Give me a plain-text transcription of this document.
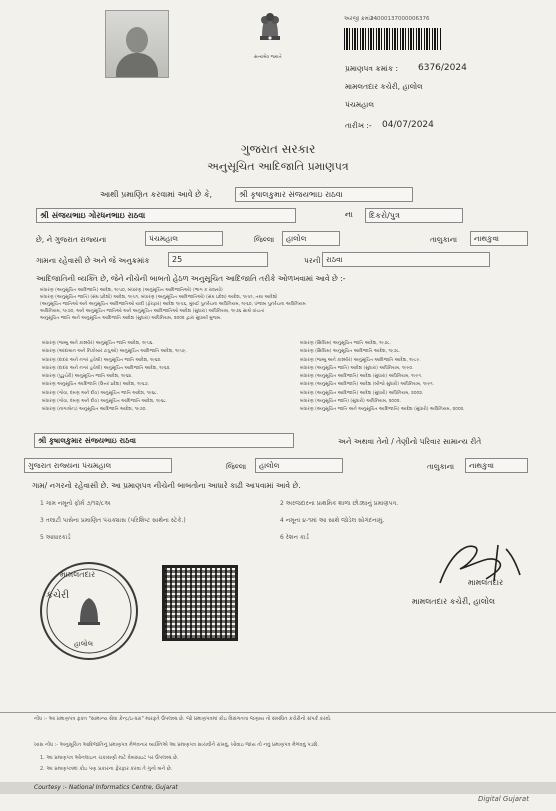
સત્યમેવ જયતે
અરજી ક્રમાંક :
24000137000006376
પ્રમાણપત્ર ક્રમાંક : 6376/2024
મામલતદાર કચેરી, હાલોલ
પંચમહાલ
તારીખ :- 04/07/2024
ગુજરાત સરકાર
અનુસૂચિત આદિજાતિ પ્રમાણપત્ર
આથી પ્રમાણિત કરવામાં આવે છે કે,	શ્રી કૃષાલકુમાર સંજયભાઇ રાઠવા
શ્રી સંજયભાઇ ગોરધનભાઇ રાઠવા	ના	દિકરો/પુત્ર
છે, ને ગુજરાત રાજ્યના	પંચમહાલ	જિલ્લા	હાલોલ	તાલુકાના	નાથકુવા
ગામના રહેવાસી છે અને જે અનુક્રમાંક	25	પરની રાઠવા
આદિજાતિની વ્યક્તિ છે, જેને નીચેની બાબતો હેઠળ અનુસૂચિત આદિજાતિ તરીકે ઓળખવામાં આવે છે :-
બંધારણ (અનુસૂચિત આદિજાતિ) આદેશ, ૧૯૫૦, બંધારણ (અનુસૂચિત આદિજાતિઓ) (ભાગ ક રાજ્યો)
બંધારણ (અનુસૂચિત જાતિ) (સંઘ પ્રદેશો) આદેશ, ૧૯૫૧, બંધારણ (અનુસૂચિત આદિજાતિઓ) (સંઘ પ્રદેશ) આદેશ, ૧૯૫૧, તથા આદેશો
(અનુસૂચિત જાતિઓ અને અનુસૂચિત આદિજાતિઓ યાદી (ફેરફાર) આદેશ ૧૯૫૬, મુંબઈ પુનર્રચના અધિનિયમ, ૧૯૬૦, પંજાબ પુનર્રચના અધિનિયમ
અધિનિયમ, ૧૯૭૦, અને અનુસૂચિત જાતિઓ અને અનુસૂચિત આદિજાતિઓ આદેશ (સુધારા) અધિનિયમ, ૧૯૭૬ સાથે વાંચતાં
અનુસૂચિત જાતિ અને અનુસૂચિત આદિજાતિ આદેશ (સુધારા) અધિનિયમ, ૨૦૦૨ દ્વારા સુધાર્યા મુજબ.
બંધારણ (જમ્મુ અને કાશ્મીર) અનુસૂચિત જાતિ આદેશ, ૧૯૫૬.
બંધારણ (આંદામાન અને નિકોબાર ટાપુઓ) અનુસૂચિત આદિજાતિ આદેશ, ૧૯૫૯.
બંધારણ (દાદરા અને નગર હવેલી) અનુસૂચિત જાતિ આદેશ, ૧૯૬૨.
બંધારણ (દાદરા અને નગર હવેલી) અનુસૂચિત આદિજાતિ આદેશ, ૧૯૬૨.
બંધારણ (પુડુચેરી) અનુસૂચિત જાતિ આદેશ, ૧૯૬૪.
બંધારણ અનુસૂચિત આદિજાતિ (ઉત્તર પ્રદેશ) આદેશ, ૧૯૬૭.
બંધારણ (ગોવા, દમણ અને દીવ) અનુસૂચિત જાતિ આદેશ, ૧૯૬૮.
બંધારણ (ગોવા, દમણ અને દીવ) અનુસૂચિત આદિજાતિ આદેશ, ૧૯૬૮.
બંધારણ (નાગાલેન્ડ) અનુસૂચિત આદિજાતિ આદેશ, ૧૯૭૦.
બંધારણ (સિક્કિમ) અનુસૂચિત જાતિ આદેશ, ૧૯૭૮.
બંધારણ (સિક્કિમ) અનુસૂચિત આદિજાતિ આદેશ, ૧૯૭૮.
બંધારણ (જમ્મુ અને કાશ્મીર) અનુસૂચિત આદિજાતિ આદેશ, ૧૯૮૯.
બંધારણ (અનુસૂચિત જાતિ) આદેશ (સુધારા) અધિનિયમ, ૧૯૯૦.
બંધારણ (અનુસૂચિત આદિજાતિ) આદેશ (સુધારા) અધિનિયમ, ૧૯૯૧.
બંધારણ (અનુસૂચિત આદિજાતિ) આદેશ (બીજો સુધારો) અધિનિયમ, ૧૯૯૧.
બંધારણ (અનુસૂચિત આદિજાતિ) આદેશ (સુધારો) અધિનિયમ, ૨૦૦૨.
બંધારણ (અનુસૂચિત જાતિ) (સુધારો) અધિનિયમ, ૨૦૦૨.
બંધારણ (અનુસૂચિત જાતિ અને અનુસૂચિત આદિજાતિ) આદેશ (સુધારો) અધિનિયમ, ૨૦૦૨.
શ્રી કૃષાલકુમાર સંજયભાઇ રાઠવા	અને અથવા તેનો / તેણીનો પરિવાર સામાન્ય રીતે
ગુજરાત રાજ્યના પંચમહાલ	જિલ્લા	હાલોલ	તાલુકાના	નાથકુવા
ગામ/ નગરનો રહેવાસી છે. આ પ્રમાણપત્ર નીચેની બાબતોના આધારે કાઢી આપવામાં આવે છે.
1 ગામ નમૂનો ફોર્મ ૭/૧૨/૮અ	2 અરજદારના પ્રાથમિક શાળા છોડ્યાનું પ્રમાણપત્ર.
3 તલાટી પાસેના પ્રમાણિત પંચક્યાસ (પરિશિષ્ટ સાથેના સ્ટેકે.)	4 નમૂના ૪-૧માં આ સાથે જોડેલ સોગંદનામું.
5 આધારકાર્ડ	6 રેશન કાર્ડ
મામલતદાર
કચેરી
હાલોલ
મામલતદાર
મામલતદાર કચેરી, હાલોલ
નોંધ :- આ પ્રમાણપત્ર ફક્ત "સામાન્ય સેવા કેન્દ્ર/ઇ-ધરા" મારફતે ઉપલબ્ધ છે. જો પ્રમાણપત્રમાં કોઇ વિસંગતતા જણાય તો સંબંધિત કચેરીનો સંપર્ક કરવો.
ખાસ નોંધ :- અનુસૂચિત આદિજાતિનું પ્રમાણપત્ર મેળવનાર વ્યક્તિએ આ પ્રમાણપત્ર સાચવીને રાખવું, ખોવાઇ જાય તો નવું પ્રમાણપત્ર મેળવવું પડશે.
1. આ પ્રમાણપત્ર ઓનલાઇન ચકાસણી માટે વેબસાઇટ પર ઉપલબ્ધ છે.
2. આ પ્રમાણપત્રમાં કોઇ પણ પ્રકારના ફેરફાર કરવા તે ગુનો બને છે.
Courtesy :- National Informatics Centre, Gujarat
Digital Gujarat
